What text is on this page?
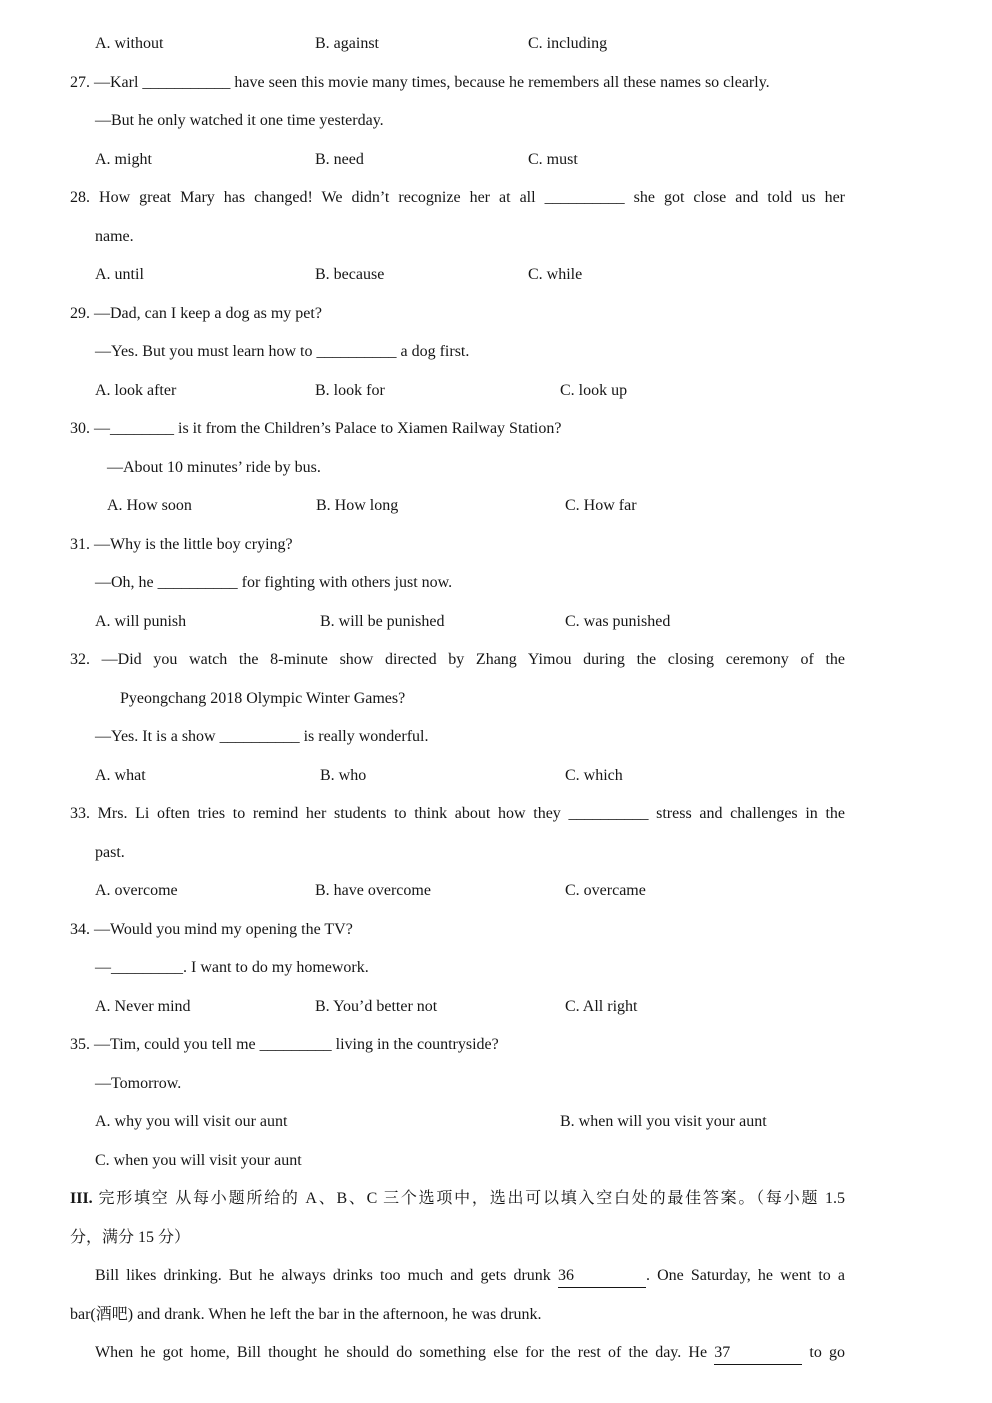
A. without	B. against	C. including
27. —Karl ___________ have seen this movie many times, because he remembers all these names so clearly.
—But he only watched it one time yesterday.
A. might	B. need	C. must
28. How great Mary has changed! We didn’t recognize her at all __________ she got close and told us her
name.
A. until	B. because	C. while
29. —Dad, can I keep a dog as my pet?
—Yes. But you must learn how to __________ a dog first.
A. look after	B. look for	C. look up
30. —________ is it from the Children’s Palace to Xiamen Railway Station?
—About 10 minutes’ ride by bus.
A. How soon	B. How long	C. How far
31. —Why is the little boy crying?
—Oh, he __________ for fighting with others just now.
A. will punish	B. will be punished	C. was punished
32. —Did you watch the 8-minute show directed by Zhang Yimou during the closing ceremony of the
Pyeongchang 2018 Olympic Winter Games?
—Yes. It is a show __________ is really wonderful.
A. what	B. who	C. which
33. Mrs. Li often tries to remind her students to think about how they __________ stress and challenges in the
past.
A. overcome	B. have overcome	C. overcame
34. —Would you mind my opening the TV?
—_________. I want to do my homework.
A. Never mind	B. You’d better not	C. All right
35. —Tim, could you tell me _________ living in the countryside?
—Tomorrow.
A. why you will visit our aunt	B. when will you visit your aunt
C. when you will visit your aunt
III. 完形填空 从每小题所给的 A、B、C 三个选项中，选出可以填入空白处的最佳答案。（每小题 1.5
分，满分 15 分）
Bill likes drinking. But he always drinks too much and gets drunk 36	. One Saturday, he went to a
bar(酒吧) and drank. When he left the bar in the afternoon, he was drunk.
When he got home, Bill thought he should do something else for the rest of the day. He 37	to go
